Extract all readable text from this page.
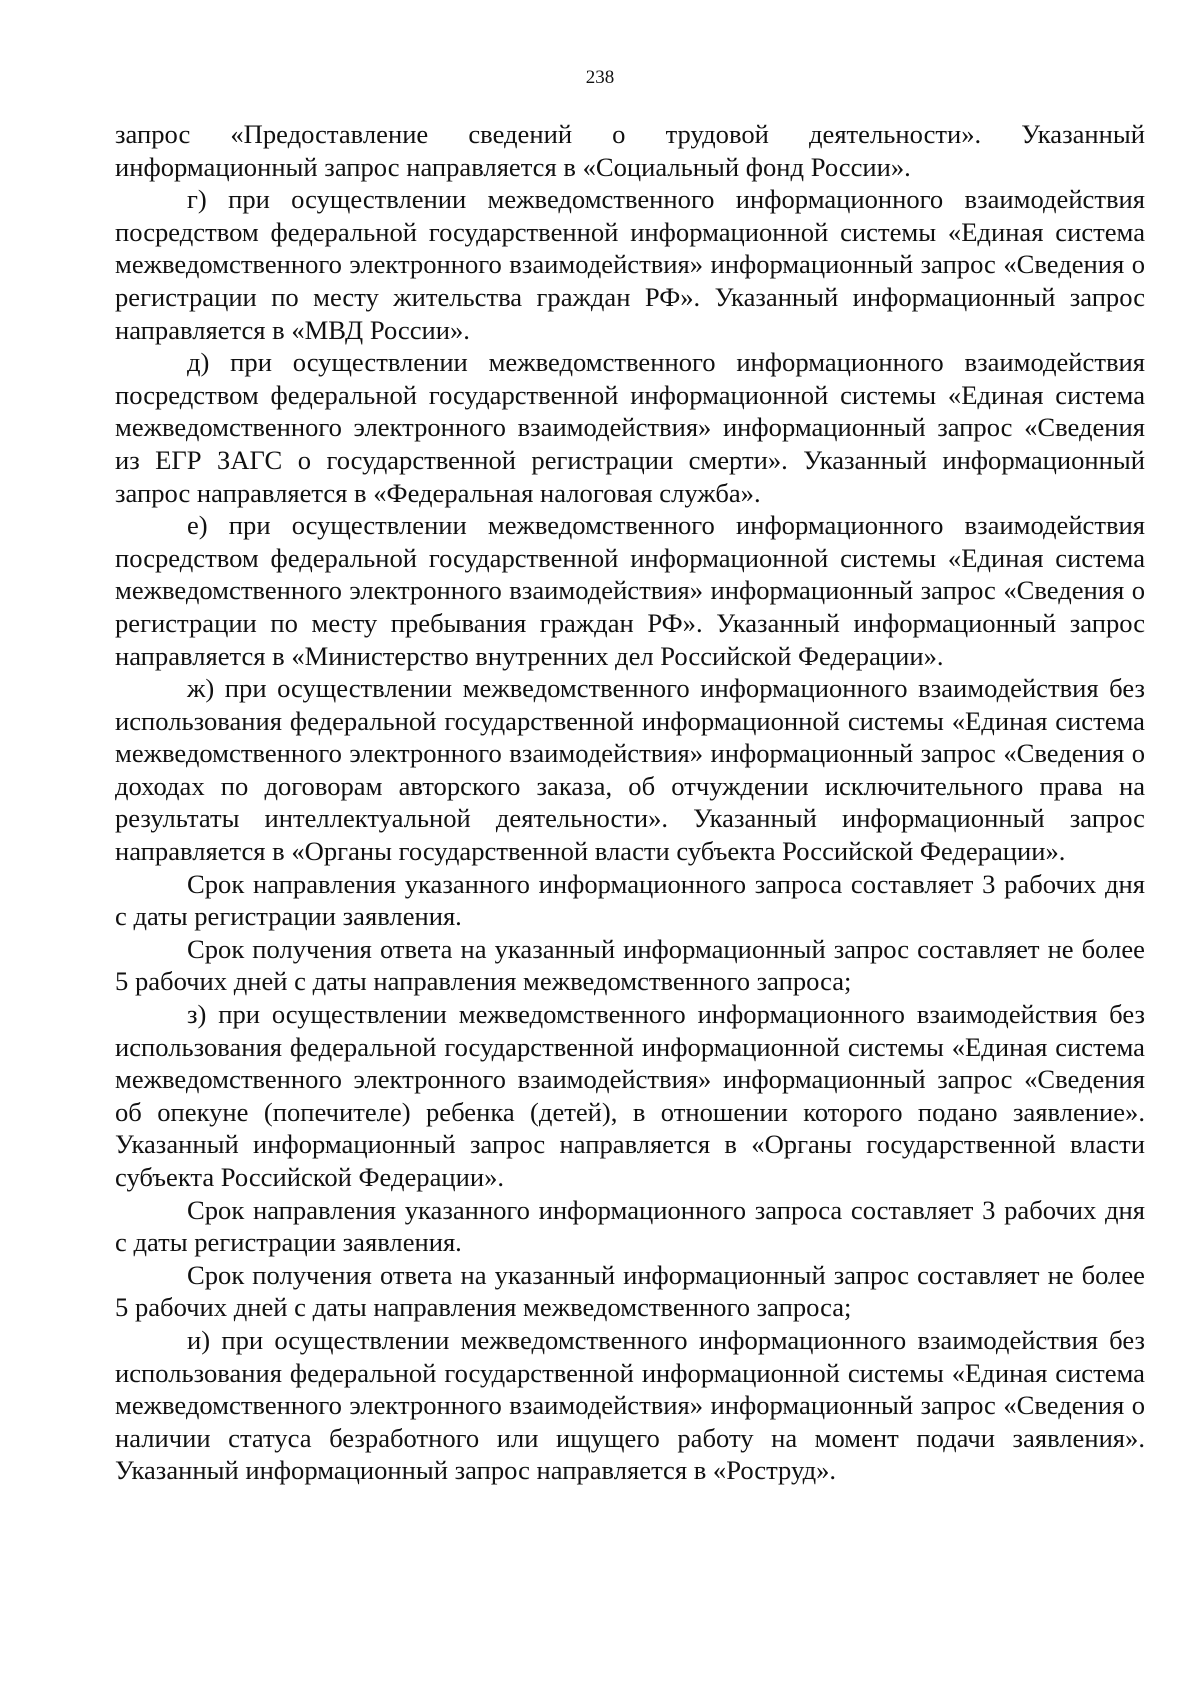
238

запрос «Предоставление сведений о трудовой деятельности». Указанный информационный запрос направляется в «Социальный фонд России».

г) при осуществлении межведомственного информационного взаимодействия посредством федеральной государственной информационной системы «Единая система межведомственного электронного взаимодействия» информационный запрос «Сведения о регистрации по месту жительства граждан РФ». Указанный информационный запрос направляется в «МВД России».

д) при осуществлении межведомственного информационного взаимодействия посредством федеральной государственной информационной системы «Единая система межведомственного электронного взаимодействия» информационный запрос «Сведения из ЕГР ЗАГС о государственной регистрации смерти». Указанный информационный запрос направляется в «Федеральная налоговая служба».

е) при осуществлении межведомственного информационного взаимодействия посредством федеральной государственной информационной системы «Единая система межведомственного электронного взаимодействия» информационный запрос «Сведения о регистрации по месту пребывания граждан РФ». Указанный информационный запрос направляется в «Министерство внутренних дел Российской Федерации».

ж) при осуществлении межведомственного информационного взаимодействия без использования федеральной государственной информационной системы «Единая система межведомственного электронного взаимодействия» информационный запрос «Сведения о доходах по договорам авторского заказа, об отчуждении исключительного права на результаты интеллектуальной деятельности». Указанный информационный запрос направляется в «Органы государственной власти субъекта Российской Федерации».

Срок направления указанного информационного запроса составляет 3 рабочих дня с даты регистрации заявления.

Срок получения ответа на указанный информационный запрос составляет не более 5 рабочих дней с даты направления межведомственного запроса;

з) при осуществлении межведомственного информационного взаимодействия без использования федеральной государственной информационной системы «Единая система межведомственного электронного взаимодействия» информационный запрос «Сведения об опекуне (попечителе) ребенка (детей), в отношении которого подано заявление». Указанный информационный запрос направляется в «Органы государственной власти субъекта Российской Федерации».

Срок направления указанного информационного запроса составляет 3 рабочих дня с даты регистрации заявления.

Срок получения ответа на указанный информационный запрос составляет не более 5 рабочих дней с даты направления межведомственного запроса;

и) при осуществлении межведомственного информационного взаимодействия без использования федеральной государственной информационной системы «Единая система межведомственного электронного взаимодействия» информационный запрос «Сведения о наличии статуса безработного или ищущего работу на момент подачи заявления». Указанный информационный запрос направляется в «Роструд».
